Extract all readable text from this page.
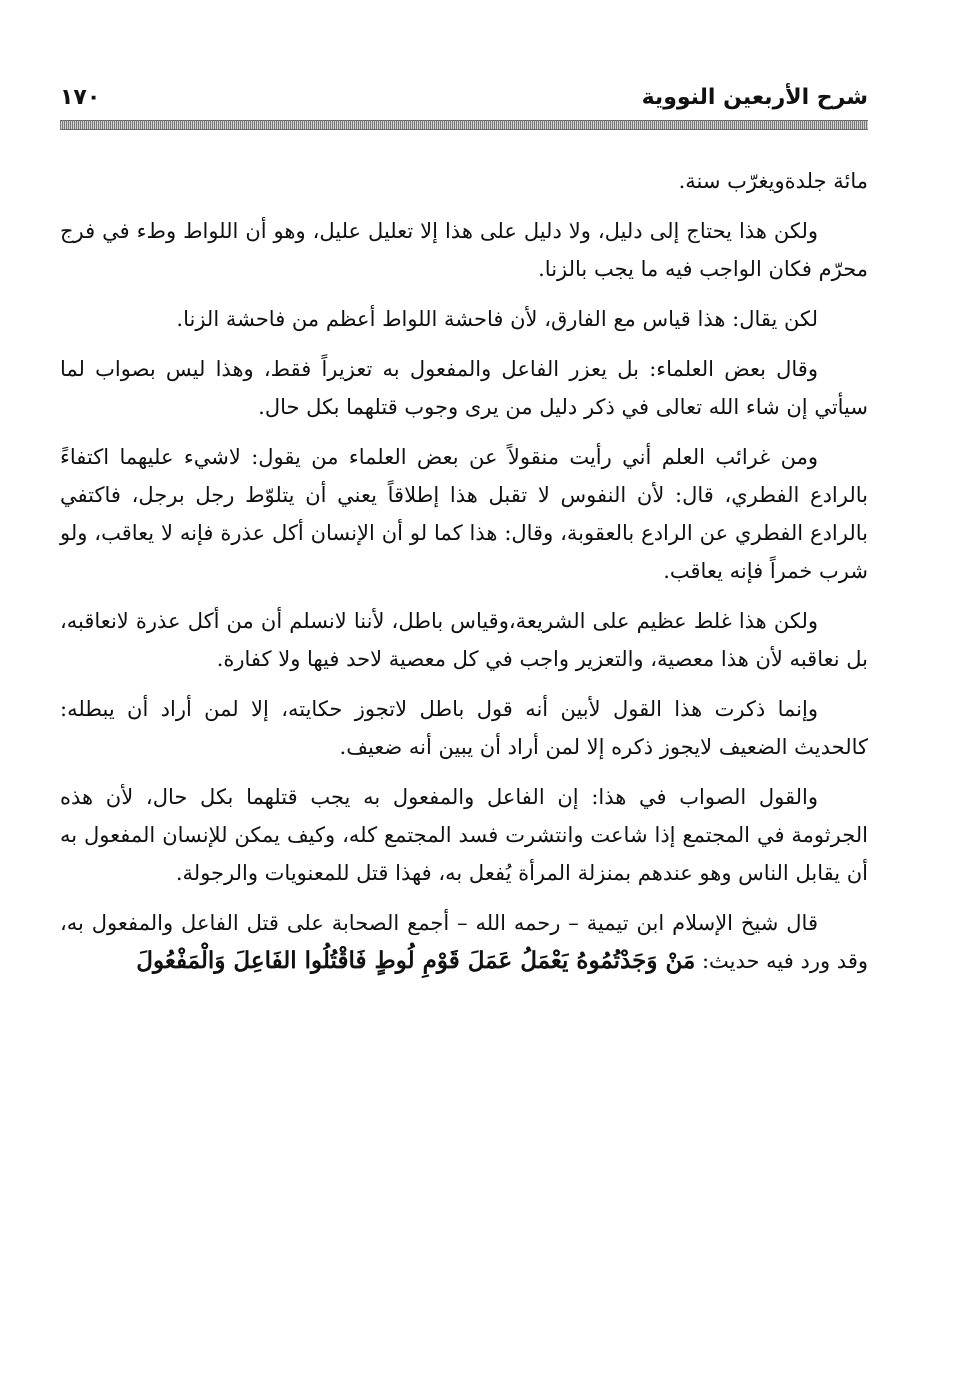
شرح الأربعين النووية
١٧٠

مائة جلدةويغرّب سنة.

ولكن هذا يحتاج إلى دليل، ولا دليل على هذا إلا تعليل عليل، وهو أن اللواط وطء في فرج محرّم فكان الواجب فيه ما يجب بالزنا.

لكن يقال: هذا قياس مع الفارق، لأن فاحشة اللواط أعظم من فاحشة الزنا.

وقال بعض العلماء: بل يعزر الفاعل والمفعول به تعزيراً فقط، وهذا ليس بصواب لما سيأتي إن شاء الله تعالى في ذكر دليل من يرى وجوب قتلهما بكل حال.

ومن غرائب العلم أني رأيت منقولاً عن بعض العلماء من يقول: لاشيء عليهما اكتفاءً بالرادع الفطري، قال: لأن النفوس لا تقبل هذا إطلاقاً يعني أن يتلوّط رجل برجل، فاكتفي بالرادع الفطري عن الرادع بالعقوبة، وقال: هذا كما لو أن الإنسان أكل عذرة فإنه لا يعاقب، ولو شرب خمراً فإنه يعاقب.

ولكن هذا غلط عظيم على الشريعة،وقياس باطل، لأننا لانسلم أن من أكل عذرة لانعاقبه، بل نعاقبه لأن هذا معصية، والتعزير واجب في كل معصية لاحد فيها ولا كفارة.

وإنما ذكرت هذا القول لأبين أنه قول باطل لاتجوز حكايته، إلا لمن أراد أن يبطله: كالحديث الضعيف لايجوز ذكره إلا لمن أراد أن يبين أنه ضعيف.

والقول الصواب في هذا: إن الفاعل والمفعول به يجب قتلهما بكل حال، لأن هذه الجرثومة في المجتمع إذا شاعت وانتشرت فسد المجتمع كله، وكيف يمكن للإنسان المفعول به أن يقابل الناس وهو عندهم بمنزلة المرأة يُفعل به، فهذا قتل للمعنويات والرجولة.

قال شيخ الإسلام ابن تيمية – رحمه الله – أجمع الصحابة على قتل الفاعل والمفعول به، وقد ورد فيه حديث: مَنْ وَجَدْتُمُوهُ يَعْمَلُ عَمَلَ قَوْمِ لُوطٍ فَاقْتُلُوا الفَاعِلَ وَالْمَفْعُولَ
